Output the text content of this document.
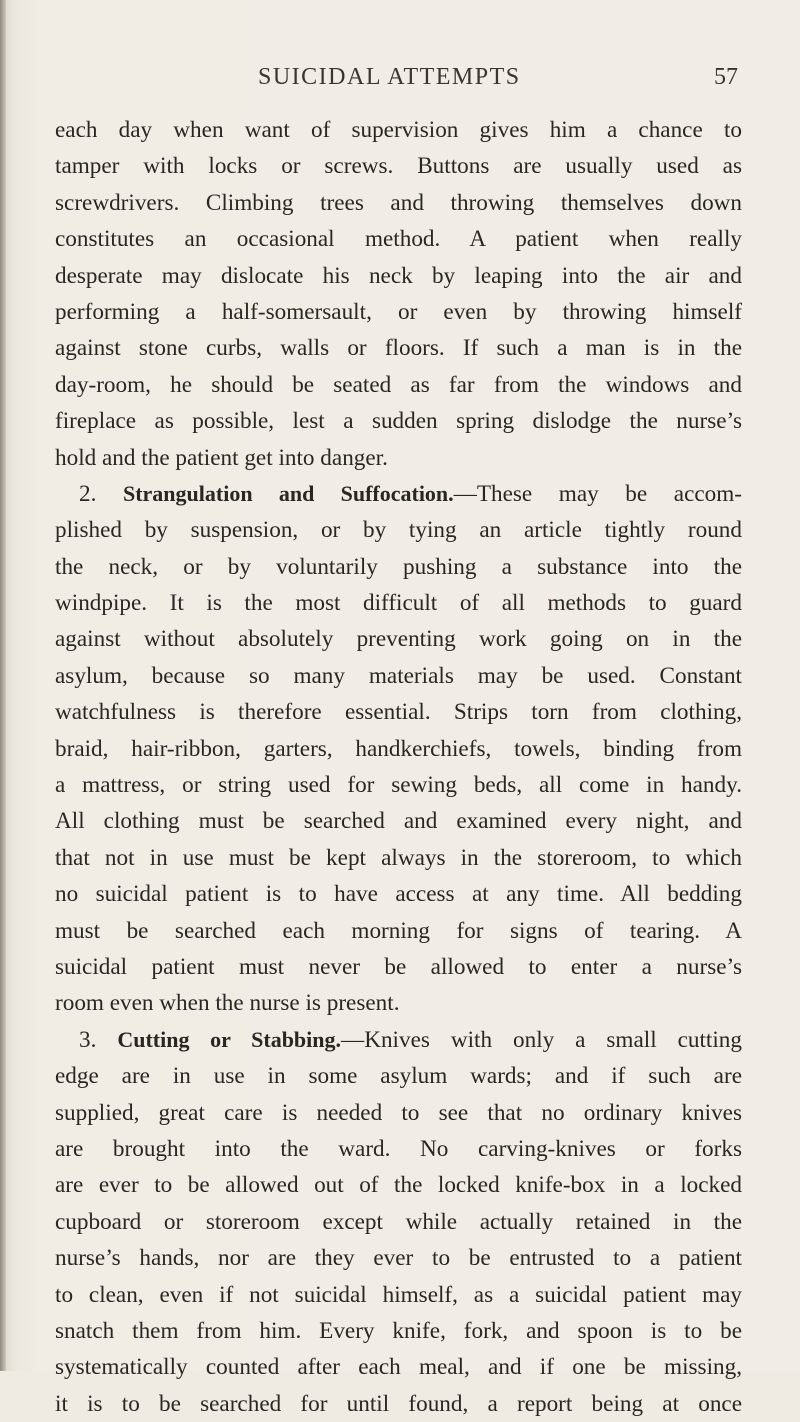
SUICIDAL ATTEMPTS	57
each day when want of supervision gives him a chance to
tamper with locks or screws. Buttons are usually used as
screwdrivers. Climbing trees and throwing themselves down
constitutes an occasional method. A patient when really
desperate may dislocate his neck by leaping into the air and
performing a half-somersault, or even by throwing himself
against stone curbs, walls or floors. If such a man is in the
day-room, he should be seated as far from the windows and
fireplace as possible, lest a sudden spring dislodge the nurse’s
hold and the patient get into danger.
2. Strangulation and Suffocation.—These may be accom-
plished by suspension, or by tying an article tightly round
the neck, or by voluntarily pushing a substance into the
windpipe. It is the most difficult of all methods to guard
against without absolutely preventing work going on in the
asylum, because so many materials may be used. Constant
watchfulness is therefore essential. Strips torn from clothing,
braid, hair-ribbon, garters, handkerchiefs, towels, binding from
a mattress, or string used for sewing beds, all come in handy.
All clothing must be searched and examined every night, and
that not in use must be kept always in the storeroom, to which
no suicidal patient is to have access at any time. All bedding
must be searched each morning for signs of tearing. A
suicidal patient must never be allowed to enter a nurse’s
room even when the nurse is present.
3. Cutting or Stabbing.—Knives with only a small cutting
edge are in use in some asylum wards; and if such are
supplied, great care is needed to see that no ordinary knives
are brought into the ward. No carving-knives or forks
are ever to be allowed out of the locked knife-box in a locked
cupboard or storeroom except while actually retained in the
nurse’s hands, nor are they ever to be entrusted to a patient
to clean, even if not suicidal himself, as a suicidal patient may
snatch them from him. Every knife, fork, and spoon is to be
systematically counted after each meal, and if one be missing,
it is to be searched for until found, a report being at once
